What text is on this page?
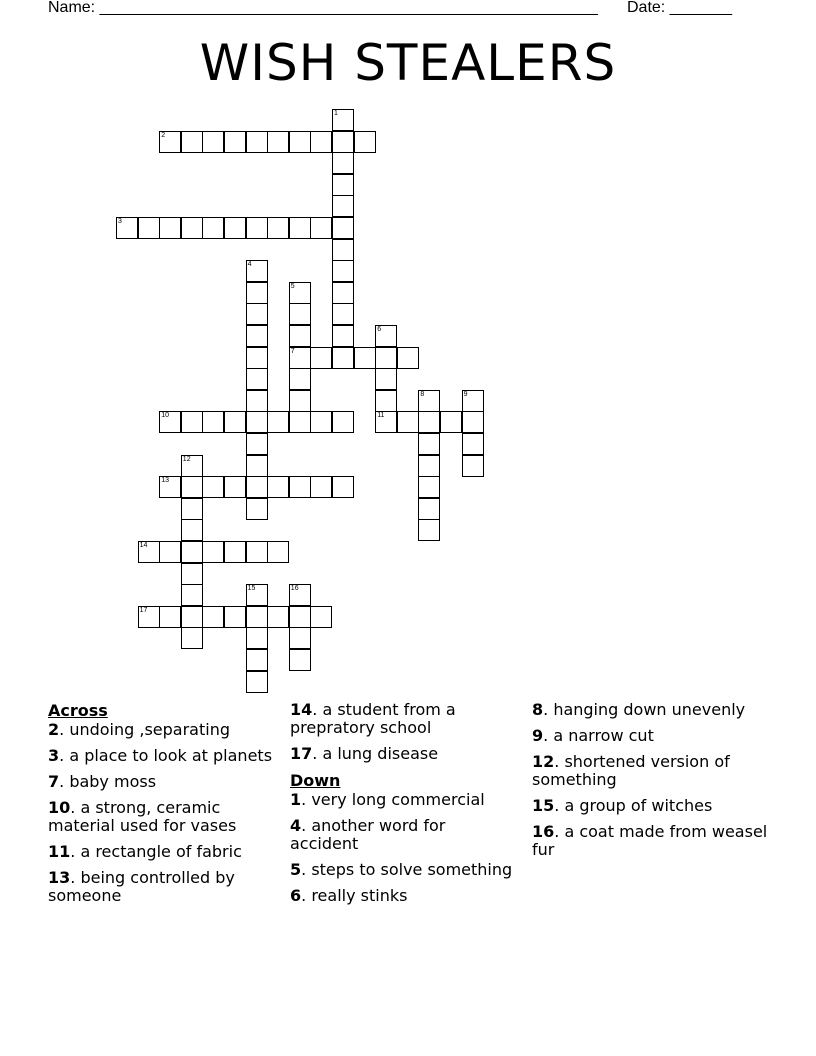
Name: ________________________________________________________ Date: _______
WISH STEALERS
2
3
7
10	11
13
14
17
1
4
5
6
8	9
12
15	16
Across
2. undoing ,separating
3. a place to look at planets
7. baby moss
10. a strong, ceramic material used for vases
11. a rectangle of fabric
13. being controlled by someone
14. a student from a prepratory school
17. a lung disease
Down
1. very long commercial
4. another word for accident
5. steps to solve something
6. really stinks
8. hanging down unevenly
9. a narrow cut
12. shortened version of something
15. a group of witches
16. a coat made from weasel fur
